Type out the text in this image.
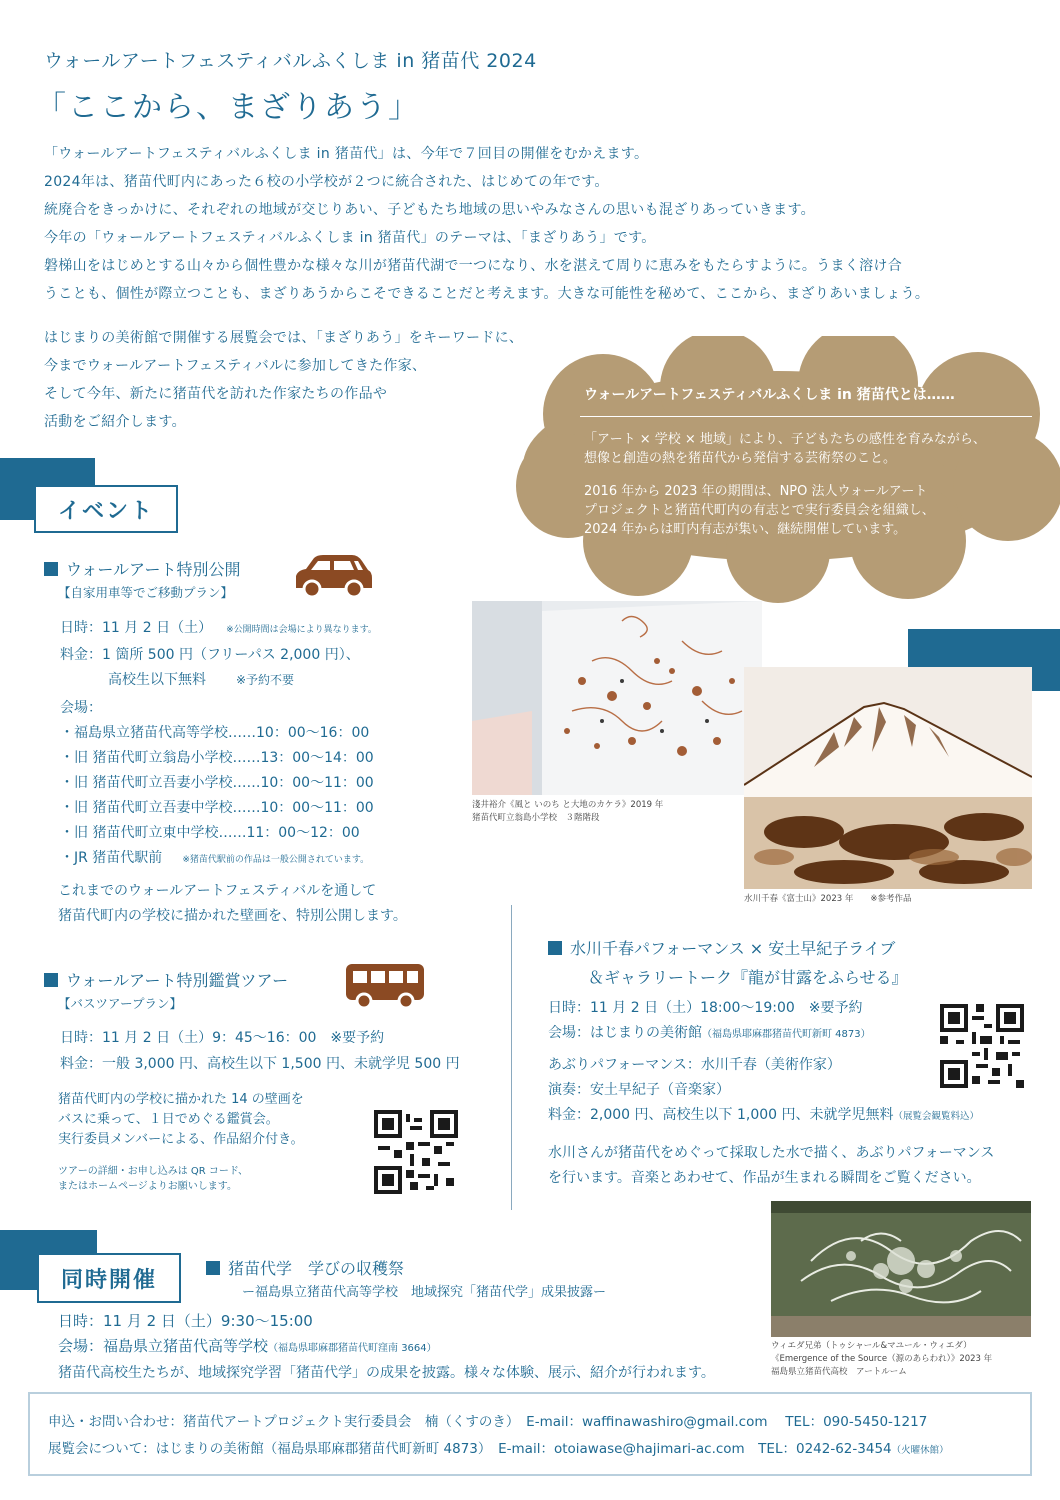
ウォールアートフェスティバルふくしま in 猪苗代 2024
「ここから、まざりあう」
「ウォールアートフェスティバルふくしま in 猪苗代」は、今年で７回目の開催をむかえます。
2024年は、猪苗代町内にあった６校の小学校が２つに統合された、はじめての年です。
統廃合をきっかけに、それぞれの地域が交じりあい、子どもたち地域の思いやみなさんの思いも混ざりあっていきます。
今年の「ウォールアートフェスティバルふくしま in 猪苗代」のテーマは、「まざりあう」です。
磐梯山をはじめとする山々から個性豊かな様々な川が猪苗代湖で一つになり、水を湛えて周りに恵みをもたらすように。うまく溶け合
うことも、個性が際立つことも、まざりあうからこそできることだと考えます。大きな可能性を秘めて、ここから、まざりあいましょう。
はじまりの美術館で開催する展覧会では、「まざりあう」をキーワードに、
今までウォールアートフェスティバルに参加してきた作家、
そして今年、新たに猪苗代を訪れた作家たちの作品や
活動をご紹介します。
ウォールアートフェスティバルふくしま in 猪苗代とは……
「アート × 学校 × 地域」により、子どもたちの感性を育みながら、
想像と創造の熱を猪苗代から発信する芸術祭のこと。
2016 年から 2023 年の期間は、NPO 法人ウォールアート
プロジェクトと猪苗代町内の有志とで実行委員会を組織し、
2024 年からは町内有志が集い、継続開催しています。
イベント
ウォールアート特別公開
【自家用車等でご移動プラン】
日時：11 月 2 日（土） ※公開時間は会場により異なります。
料金：1 箇所 500 円（フリーパス 2,000 円）、
高校生以下無料	※予約不要
会場：
・福島県立猪苗代高等学校……10：00～16：00
・旧 猪苗代町立翁島小学校……13：00～14：00
・旧 猪苗代町立吾妻小学校……10：00～11：00
・旧 猪苗代町立吾妻中学校……10：00～11：00
・旧 猪苗代町立東中学校……11：00～12：00
・JR 猪苗代駅前 ※猪苗代駅前の作品は一般公開されています。
これまでのウォールアートフェスティバルを通して
猪苗代町内の学校に描かれた壁画を、特別公開します。
淺井裕介《風と いのち と大地のカケラ》2019 年
猪苗代町立翁島小学校　３階階段
水川千春《富士山》2023 年　　※参考作品
ウォールアート特別鑑賞ツアー
【バスツアープラン】
日時：11 月 2 日（土）9：45～16：00　※要予約
料金：一般 3,000 円、高校生以下 1,500 円、未就学児 500 円
猪苗代町内の学校に描かれた 14 の壁画を
バスに乗って、１日でめぐる鑑賞会。
実行委員メンバーによる、作品紹介付き。
ツアーの詳細・お申し込みは QR コード、
またはホームページよりお願いします。
水川千春パフォーマンス × 安土早紀子ライブ
＆ギャラリートーク『龍が甘露をふらせる』
日時：11 月 2 日（土）18:00～19:00　※要予約
会場：はじまりの美術館（福島県耶麻郡猪苗代町新町 4873）
あぶりパフォーマンス：水川千春（美術作家）
演奏：安土早紀子（音楽家）
料金：2,000 円、高校生以下 1,000 円、未就学児無料（展覧会観覧料込）
水川さんが猪苗代をめぐって採取した水で描く、あぶりパフォーマンス
を行います。音楽とあわせて、作品が生まれる瞬間をご覧ください。
同時開催	猪苗代学　学びの収穫祭
ー福島県立猪苗代高等学校　地域探究「猪苗代学」成果披露ー
日時：11 月 2 日（土）9:30～15:00
会場：福島県立猪苗代高等学校（福島県耶麻郡猪苗代町窪南 3664）
猪苗代高校生たちが、地域探究学習「猪苗代学」の成果を披露。様々な体験、展示、紹介が行われます。
ウィエダ兄弟（トゥシャール&マユール・ウィエダ）
《Emergence of the Source（源のあらわれ）》2023 年
福島県立猪苗代高校　アートルーム
申込・お問い合わせ：猪苗代アートプロジェクト実行委員会　楠（くすのき）　E-mail：waffinawashiro@gmail.com　 TEL：090-5450-1217
展覧会について：はじまりの美術館（福島県耶麻郡猪苗代町新町 4873）　E-mail：otoiawase@hajimari-ac.com　TEL：0242-62-3454（火曜休館）
